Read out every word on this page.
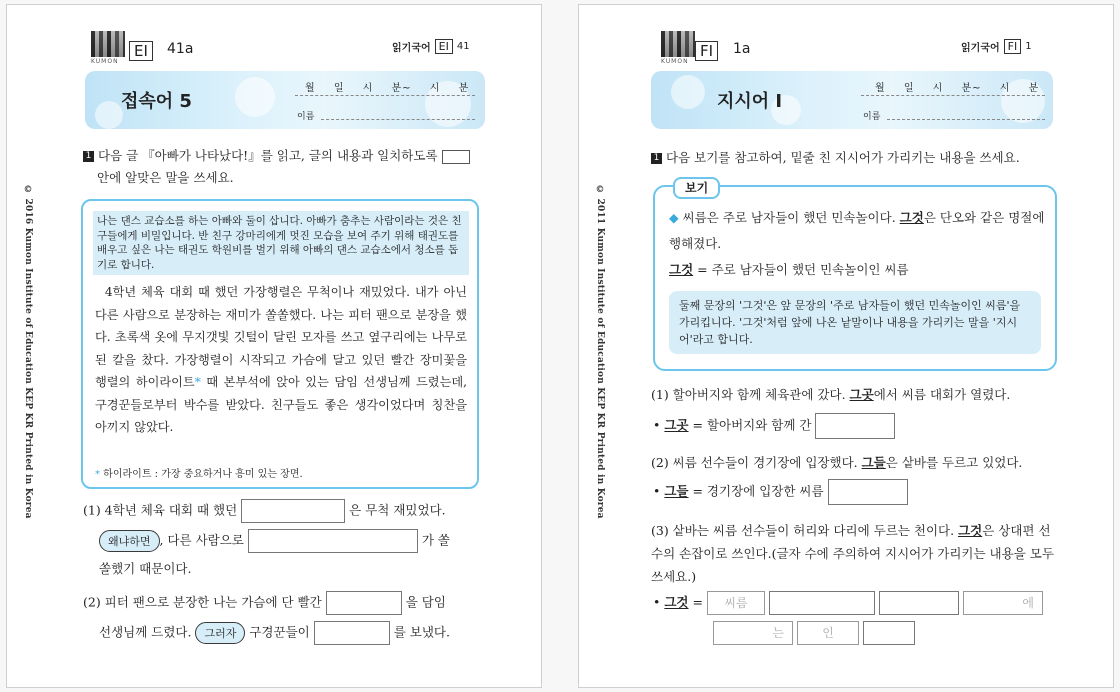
KUMON
EI	41a	읽기국어 EI 41
접속어 5
월 일 시 분~ 시 분
이름
© 2016 Kumon Institute of Education KEP KR Printed in Korea
1 다음 글 『아빠가 나타났다!』를 읽고, 글의 내용과 일치하도록
안에 알맞은 말을 쓰세요.
나는 댄스 교습소를 하는 아빠와 둘이 삽니다. 아빠가 춤추는 사람이라는 것은 친구들에게 비밀입니다. 반 친구 강마리에게 멋진 모습을 보여 주기 위해 태권도를 배우고 싶은 나는 태권도 학원비를 벌기 위해 아빠의 댄스 교습소에서 청소를 돕기로 합니다.
4학년 체육 대회 때 했던 가장행렬은 무척이나 재밌었다. 내가 아닌 다른 사람으로 분장하는 재미가 쏠쏠했다. 나는 피터 팬으로 분장을 했다. 초록색 옷에 무지갯빛 깃털이 달린 모자를 쓰고 옆구리에는 나무로 된 칼을 찼다. 가장행렬이 시작되고 가슴에 달고 있던 빨간 장미꽃을 행렬의 하이라이트* 때 본부석에 앉아 있는 담임 선생님께 드렸는데, 구경꾼들로부터 박수를 받았다. 친구들도 좋은 생각이었다며 칭찬을 아끼지 않았다.
* 하이라이트 : 가장 중요하거나 흥미 있는 장면.
(1) 4학년 체육 대회 때 했던	은 무척 재밌었다.
왜냐하면 , 다른 사람으로	가 쏠
쏠했기 때문이다.
(2) 피터 팬으로 분장한 나는 가슴에 단 빨간	을 담임
선생님께 드렸다. 그러자 구경꾼들이	를 보냈다.
KUMON
FI	1a	읽기국어 FI 1
지시어 Ⅰ
월 일 시 분~ 시 분
이름
© 2011 Kumon Institute of Education KEP KR Printed in Korea
1 다음 보기를 참고하여, 밑줄 친 지시어가 가리키는 내용을 쓰세요.
보기
◆ 씨름은 주로 남자들이 했던 민속놀이다. 그것은 단오와 같은 명절에 행해졌다.
그것 = 주로 남자들이 했던 민속놀이인 씨름
둘째 문장의 '그것'은 앞 문장의 '주로 남자들이 했던 민속놀이인 씨름'을 가리킵니다. '그것'처럼 앞에 나온 낱말이나 내용을 가리키는 말을 '지시어'라고 합니다.
(1) 할아버지와 함께 체육관에 갔다. 그곳에서 씨름 대회가 열렸다.
• 그곳 = 할아버지와 함께 간
(2) 씨름 선수들이 경기장에 입장했다. 그들은 샅바를 두르고 있었다.
• 그들 = 경기장에 입장한 씨름
(3) 샅바는 씨름 선수들이 허리와 다리에 두르는 천이다. 그것은 상대편 선수의 손잡이로 쓰인다.(글자 수에 주의하여 지시어가 가리키는 내용을 모두 쓰세요.)
• 그것 = 씨름	에
는	인
